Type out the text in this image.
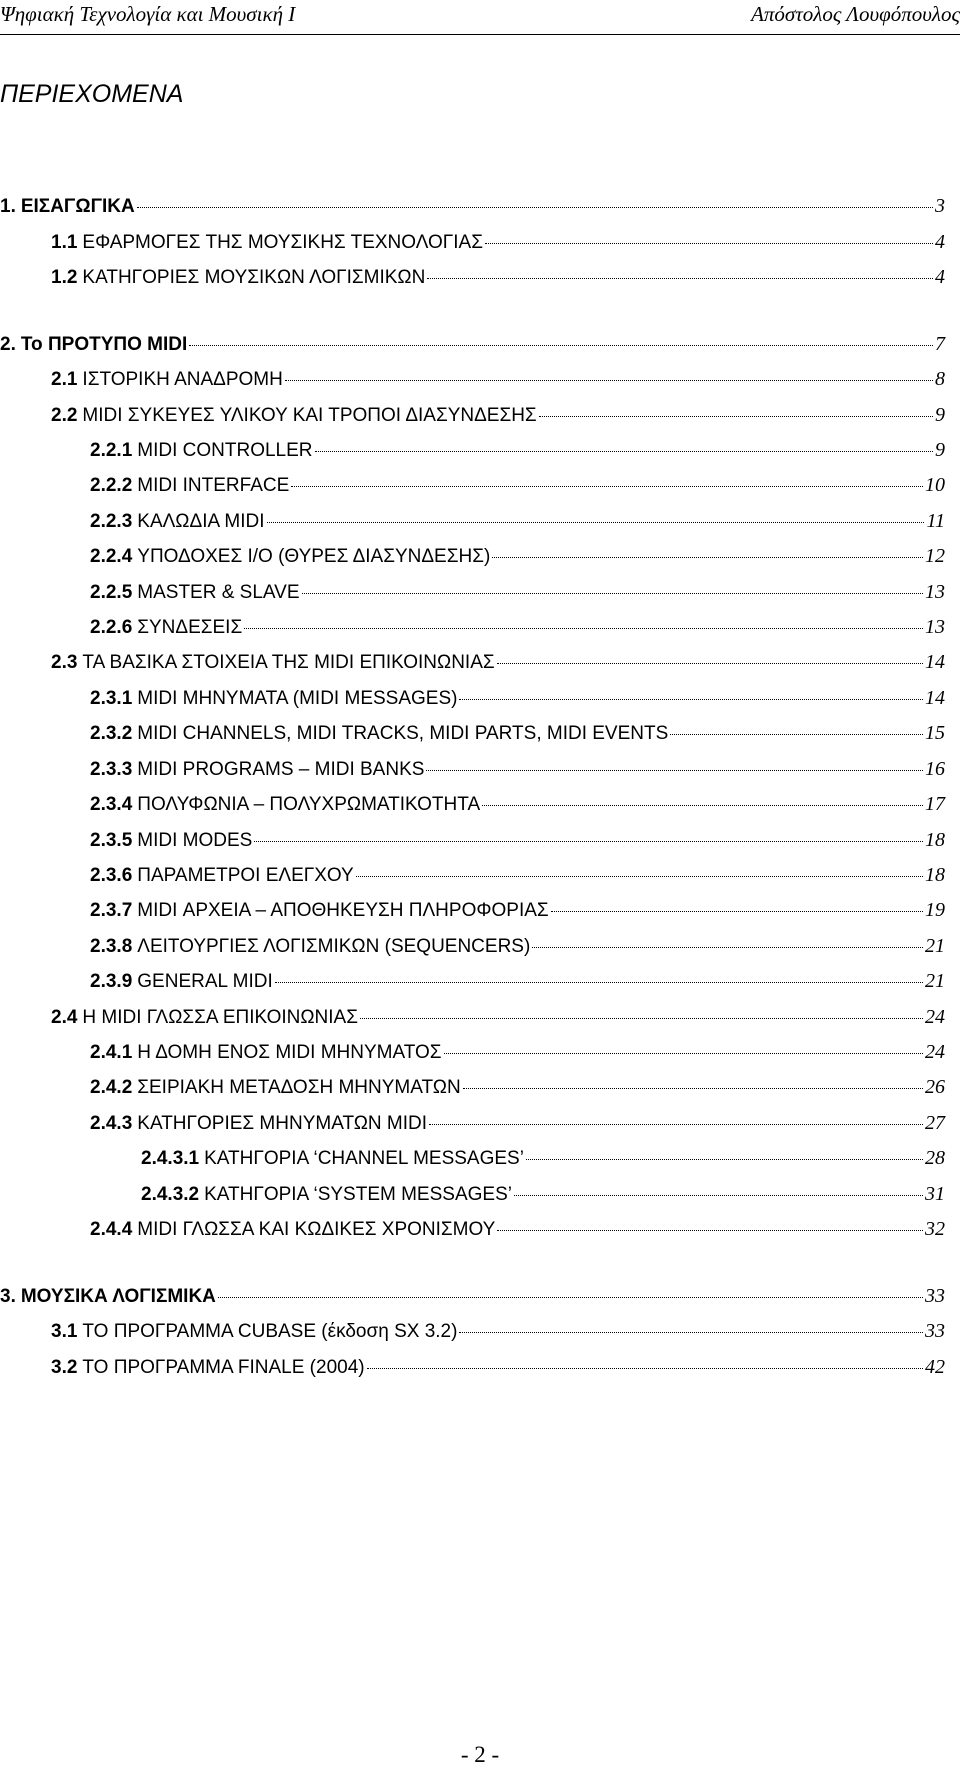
Ψηφιακή Τεχνολογία και Μουσική Ι	Απόστολος Λουφόπουλος
ΠΕΡΙΕΧΟΜΕΝΑ
1. ΕΙΣΑΓΩΓΙΚΑ	3
1.1 ΕΦΑΡΜΟΓΕΣ ΤΗΣ ΜΟΥΣΙΚΗΣ ΤΕΧΝΟΛΟΓΙΑΣ	4
1.2 ΚΑΤΗΓΟΡΙΕΣ ΜΟΥΣΙΚΩΝ ΛΟΓΙΣΜΙΚΩΝ	4
2. Το ΠΡΟΤΥΠΟ MIDI	7
2.1 ΙΣΤΟΡΙΚΗ ΑΝΑΔΡΟΜΗ	8
2.2 MIDI ΣΥΚΕΥΕΣ ΥΛΙΚΟΥ ΚΑΙ ΤΡΟΠΟΙ ΔΙΑΣΥΝΔΕΣΗΣ	9
2.2.1 MIDI CONTROLLER	9
2.2.2 MIDI INTERFACE	10
2.2.3 ΚΑΛΩΔΙΑ MIDI	11
2.2.4 ΥΠΟΔΟΧΕΣ I/O (ΘΥΡΕΣ ΔΙΑΣΥΝΔΕΣΗΣ)	12
2.2.5 MASTER & SLAVE	13
2.2.6 ΣΥΝΔΕΣΕΙΣ	13
2.3 ΤΑ ΒΑΣΙΚΑ ΣΤΟΙΧΕΙΑ ΤΗΣ MIDI ΕΠΙΚΟΙΝΩΝΙΑΣ	14
2.3.1 MIDI ΜΗΝΥΜΑΤΑ (MIDI MESSAGES)	14
2.3.2 MIDI CHANNELS, MIDI TRACKS, MIDI PARTS, MIDI EVENTS	15
2.3.3 MIDI PROGRAMS – MIDI BANKS	16
2.3.4 ΠΟΛΥΦΩΝΙΑ – ΠΟΛΥΧΡΩΜΑΤΙΚΟΤΗΤΑ	17
2.3.5 MIDI MODES	18
2.3.6 ΠΑΡΑΜΕΤΡΟΙ ΕΛΕΓΧΟΥ	18
2.3.7 MIDI ΑΡΧΕΙΑ – ΑΠΟΘΗΚΕΥΣΗ ΠΛΗΡΟΦΟΡΙΑΣ	19
2.3.8 ΛΕΙΤΟΥΡΓΙΕΣ ΛΟΓΙΣΜΙΚΩΝ (SEQUENCERS)	21
2.3.9 GENERAL MIDI	21
2.4 Η MIDI ΓΛΩΣΣΑ ΕΠΙΚΟΙΝΩΝΙΑΣ	24
2.4.1 Η ΔΟΜΗ ΕΝΟΣ MIDI ΜΗΝΥΜΑΤΟΣ	24
2.4.2 ΣΕΙΡΙΑΚΗ ΜΕΤΑΔΟΣΗ ΜΗΝΥΜΑΤΩΝ	26
2.4.3 ΚΑΤΗΓΟΡΙΕΣ ΜΗΝΥΜΑΤΩΝ MIDI	27
2.4.3.1 ΚΑΤΗΓΟΡΙΑ ‘CHANNEL MESSAGES’	28
2.4.3.2 ΚΑΤΗΓΟΡΙΑ ‘SYSTEM MESSAGES’	31
2.4.4 MIDI ΓΛΩΣΣΑ ΚΑΙ ΚΩΔΙΚΕΣ ΧΡΟΝΙΣΜΟΥ	32
3. ΜΟΥΣΙΚΑ ΛΟΓΙΣΜΙΚΑ	33
3.1 ΤΟ ΠΡΟΓΡΑΜΜΑ CUBASE (έκδοση SX 3.2)	33
3.2 ΤΟ ΠΡΟΓΡΑΜΜΑ FINALE (2004)	42
- 2 -
